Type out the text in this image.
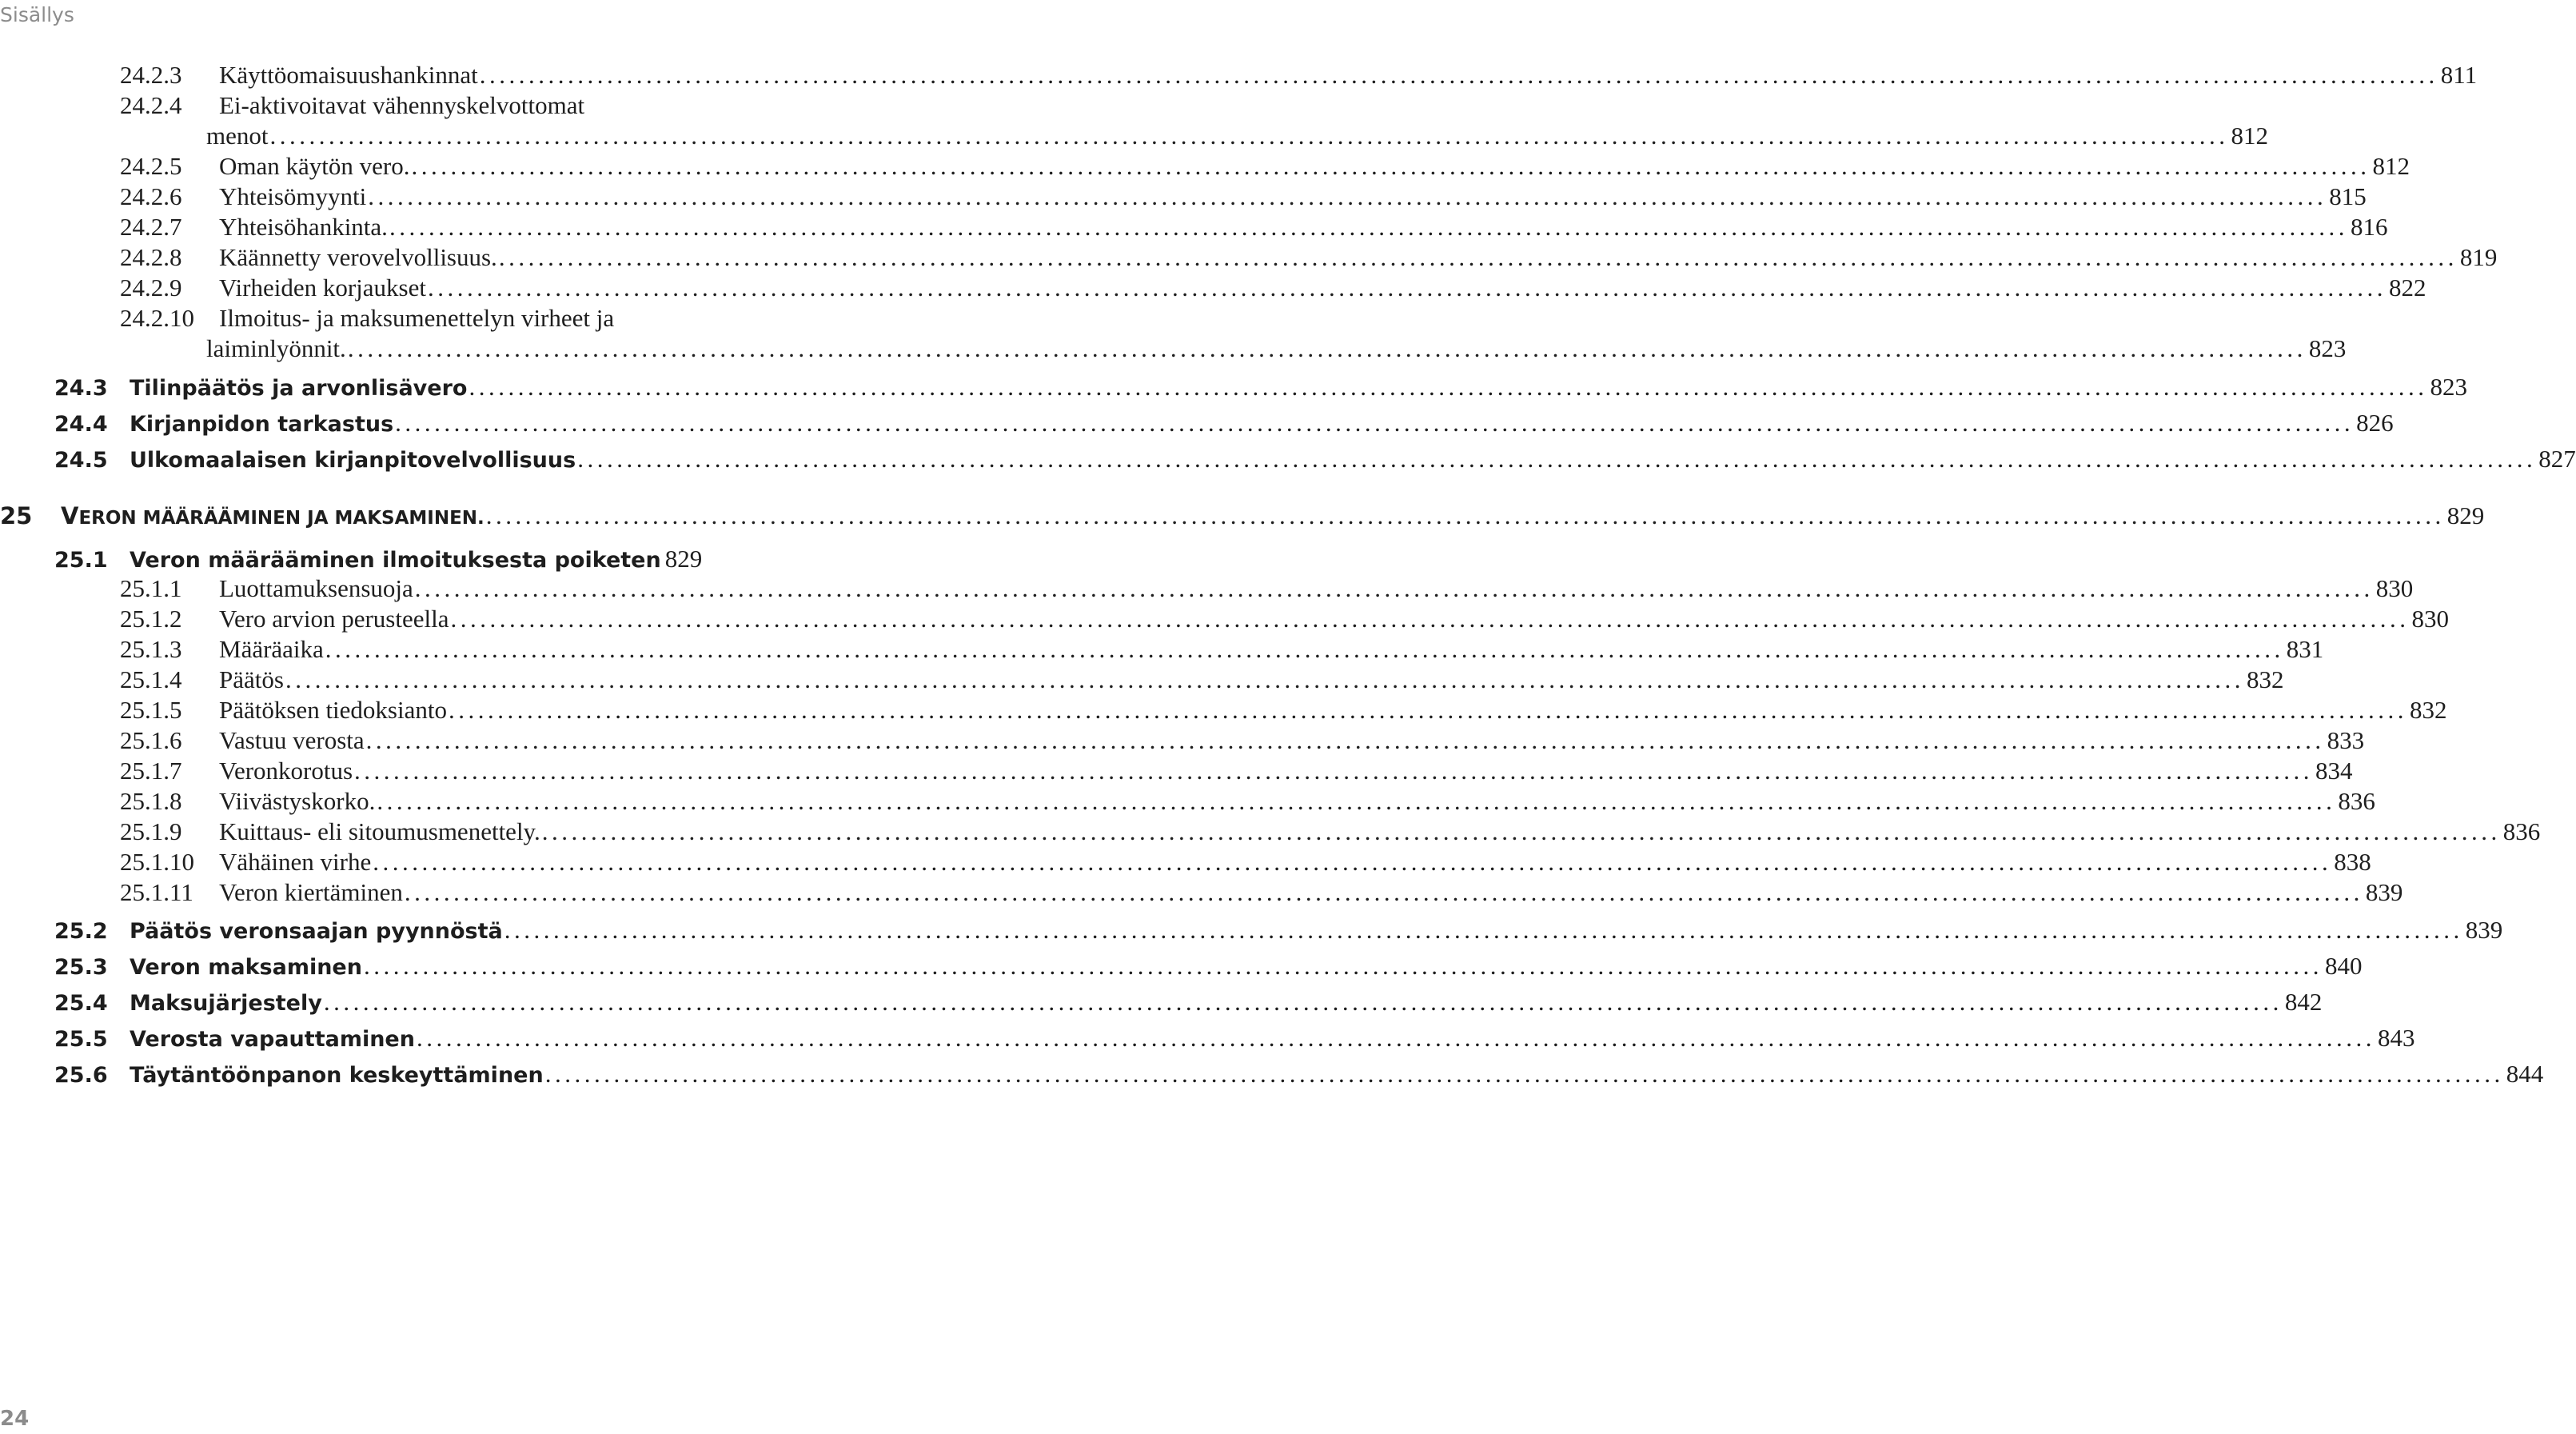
Sisällys
24.2.3	Käyttöomaisuushankinnat ........................................................................................................................................................................................................ 811
24.2.4	Ei-aktivoitavat vähennyskelvottomat
menot ........................................................................................................................................................................................................ 812
24.2.5	Oman käytön vero. ........................................................................................................................................................................................................ 812
24.2.6	Yhteisömyynti ........................................................................................................................................................................................................ 815
24.2.7	Yhteisöhankinta. ........................................................................................................................................................................................................ 816
24.2.8	Käännetty verovelvollisuus. ........................................................................................................................................................................................................ 819
24.2.9	Virheiden korjaukset ........................................................................................................................................................................................................ 822
24.2.10	Ilmoitus- ja maksumenettelyn virheet ja
laiminlyönnit. ........................................................................................................................................................................................................ 823
24.3	Tilinpäätös ja arvonlisävero ........................................................................................................................................................................................................ 823
24.4	Kirjanpidon tarkastus ........................................................................................................................................................................................................ 826
24.5	Ulkomaalaisen kirjanpitovelvollisuus ........................................................................................................................................................................................................ 827
25	VERON MÄÄRÄÄMINEN JA MAKSAMINEN. ........................................................................................................................................................................................................ 829
25.1	Veron määrääminen ilmoituksesta poiketen 829
25.1.1	Luottamuksensuoja ........................................................................................................................................................................................................ 830
25.1.2	Vero arvion perusteella ........................................................................................................................................................................................................ 830
25.1.3	Määräaika ........................................................................................................................................................................................................ 831
25.1.4	Päätös ........................................................................................................................................................................................................ 832
25.1.5	Päätöksen tiedoksianto ........................................................................................................................................................................................................ 832
25.1.6	Vastuu verosta ........................................................................................................................................................................................................ 833
25.1.7	Veronkorotus ........................................................................................................................................................................................................ 834
25.1.8	Viivästyskorko. ........................................................................................................................................................................................................ 836
25.1.9	Kuittaus- eli sitoumusmenettely. ........................................................................................................................................................................................................ 836
25.1.10	Vähäinen virhe ........................................................................................................................................................................................................ 838
25.1.11	Veron kiertäminen ........................................................................................................................................................................................................ 839
25.2	Päätös veronsaajan pyynnöstä ........................................................................................................................................................................................................ 839
25.3	Veron maksaminen ........................................................................................................................................................................................................ 840
25.4	Maksujärjestely ........................................................................................................................................................................................................ 842
25.5	Verosta vapauttaminen ........................................................................................................................................................................................................ 843
25.6	Täytäntöönpanon keskeyttäminen ........................................................................................................................................................................................................ 844
24
